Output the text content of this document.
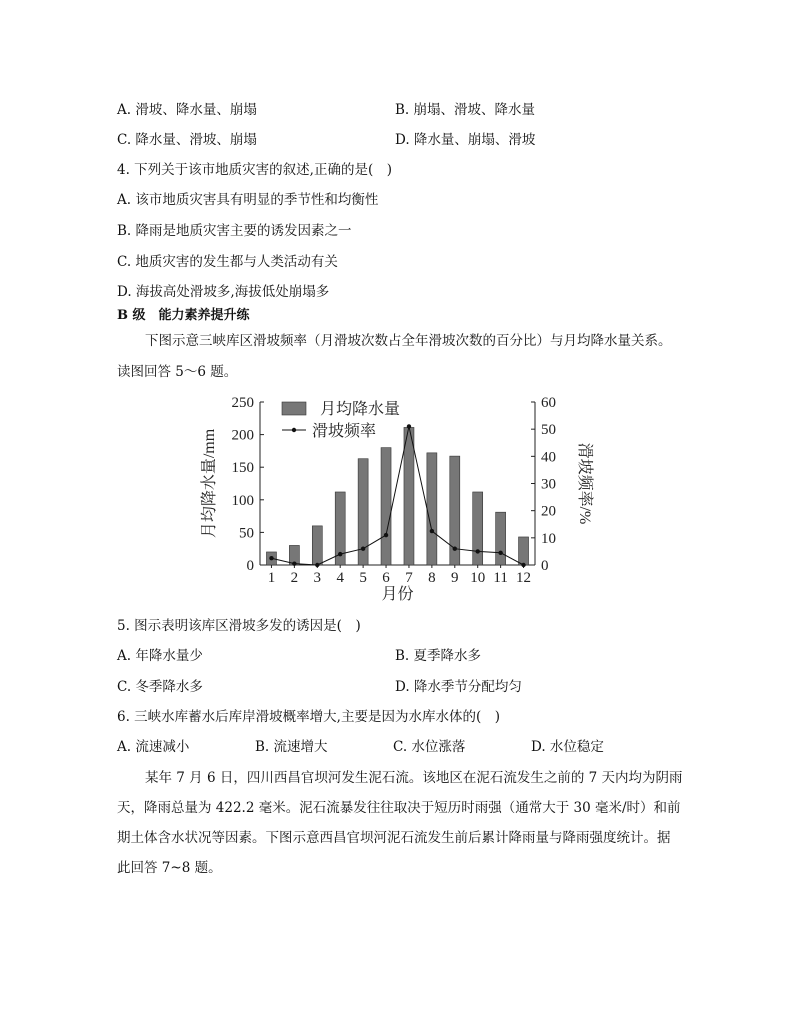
A. 滑坡、降水量、崩塌	B. 崩塌、滑坡、降水量
C. 降水量、滑坡、崩塌	D. 降水量、崩塌、滑坡
4. 下列关于该市地质灾害的叙述,正确的是(　)
A. 该市地质灾害具有明显的季节性和均衡性
B. 降雨是地质灾害主要的诱发因素之一
C. 地质灾害的发生都与人类活动有关
D. 海拔高处滑坡多,海拔低处崩塌多
B 级　能力素养提升练
下图示意三峡库区滑坡频率（月滑坡次数占全年滑坡次数的百分比）与月均降水量关系。
读图回答 5～6 题。
0
50
100
150
200
250
0
10
20
30
40
50
60
1 2 3 4 5 6 7 8 9 10 11 12
月份
月均降水量/mm	滑坡频率/%
月均降水量
滑坡频率
5. 图示表明该库区滑坡多发的诱因是(　)
A. 年降水量少	B. 夏季降水多
C. 冬季降水多	D. 降水季节分配均匀
6. 三峡水库蓄水后库岸滑坡概率增大,主要是因为水库水体的(　)
A. 流速减小	B. 流速增大	C. 水位涨落	D. 水位稳定
某年 7 月 6 日，四川西昌官坝河发生泥石流。该地区在泥石流发生之前的 7 天内均为阴雨
天，降雨总量为 422.2 毫米。泥石流暴发往往取决于短历时雨强（通常大于 30 毫米/时）和前
期土体含水状况等因素。下图示意西昌官坝河泥石流发生前后累计降雨量与降雨强度统计。据
此回答 7~8 题。
